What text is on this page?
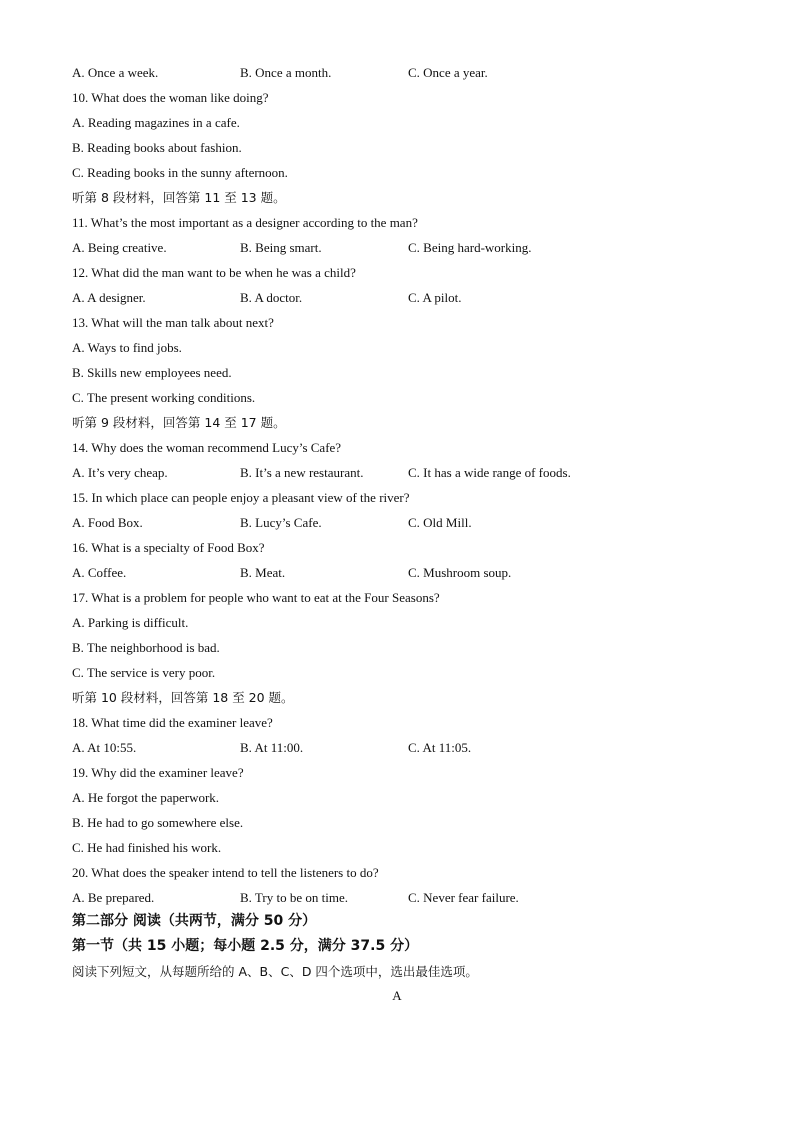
A. Once a week.	B. Once a month.	C. Once a year.
10. What does the woman like doing?
A. Reading magazines in a cafe.
B. Reading books about fashion.
C. Reading books in the sunny afternoon.
听第 8 段材料，回答第 11 至 13 题。
11. What’s the most important as a designer according to the man?
A. Being creative.	B. Being smart.	C. Being hard-working.
12. What did the man want to be when he was a child?
A. A designer.	B. A doctor.	C. A pilot.
13. What will the man talk about next?
A. Ways to find jobs.
B. Skills new employees need.
C. The present working conditions.
听第 9 段材料，回答第 14 至 17 题。
14. Why does the woman recommend Lucy’s Cafe?
A. It’s very cheap.	B. It’s a new restaurant.	C. It has a wide range of foods.
15. In which place can people enjoy a pleasant view of the river?
A. Food Box.	B. Lucy’s Cafe.	C. Old Mill.
16. What is a specialty of Food Box?
A. Coffee.	B. Meat.	C. Mushroom soup.
17. What is a problem for people who want to eat at the Four Seasons?
A. Parking is difficult.
B. The neighborhood is bad.
C. The service is very poor.
听第 10 段材料，回答第 18 至 20 题。
18. What time did the examiner leave?
A. At 10:55.	B. At 11:00.	C. At 11:05.
19. Why did the examiner leave?
A. He forgot the paperwork.
B. He had to go somewhere else.
C. He had finished his work.
20. What does the speaker intend to tell the listeners to do?
A. Be prepared.	B. Try to be on time.	C. Never fear failure.
第二部分 阅读（共两节，满分 50 分）
第一节（共 15 小题；每小题 2.5 分，满分 37.5 分）
阅读下列短文，从每题所给的 A、B、C、D 四个选项中，选出最佳选项。
A
